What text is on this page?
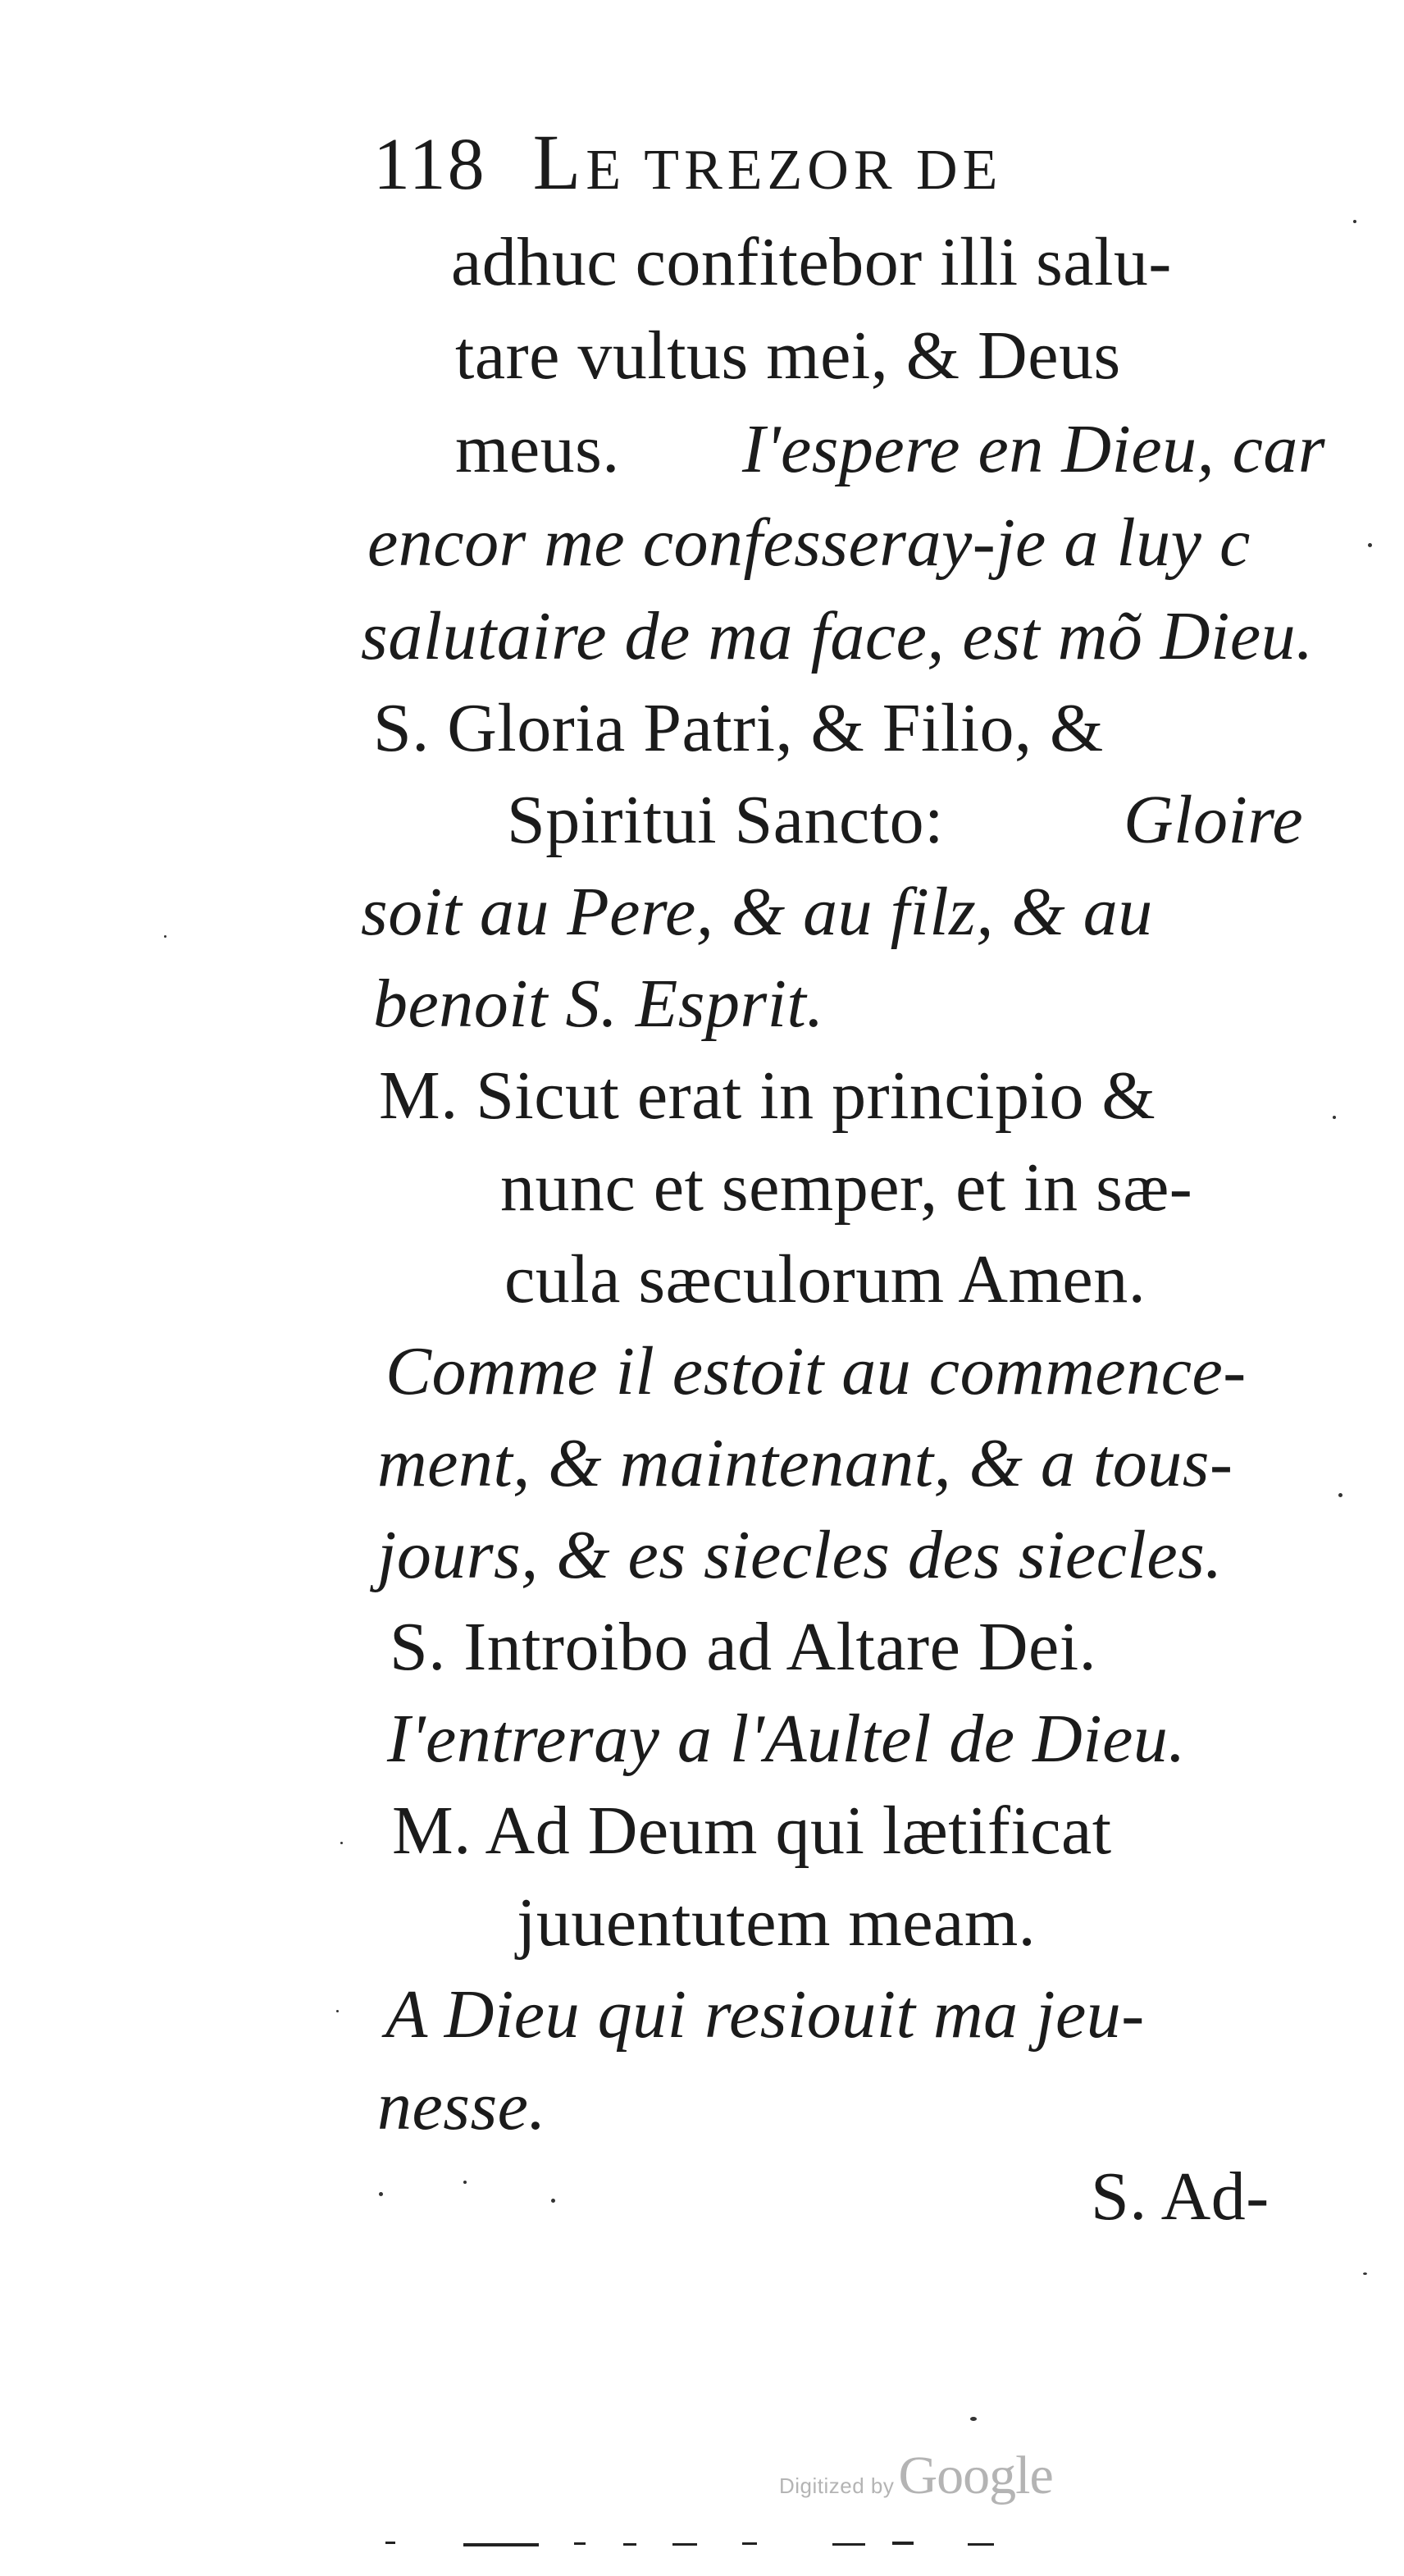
118 LE TREZOR DE
adhuc confitebor illi salu-
tare vultus mei, & Deus
meus. I'espere en Dieu, car
encor me confesseray-je a luy c
salutaire de ma face, est mõ Dieu.
S. Gloria Patri, & Filio, &
Spiritui Sancto:	Gloire
soit au Pere, & au filz, & au
benoit S. Esprit.
M. Sicut erat in principio &
nunc et semper, et in sæ-
cula sæculorum Amen.
Comme il estoit au commence-
ment, & maintenant, & a tous-
jours, & es siecles des siecles.
S. Introibo ad Altare Dei.
I'entreray a l'Aultel de Dieu.
M. Ad Deum qui lætificat
juuentutem meam.
A Dieu qui resiouit ma jeu-
nesse.
S. Ad-
Digitized by Google
